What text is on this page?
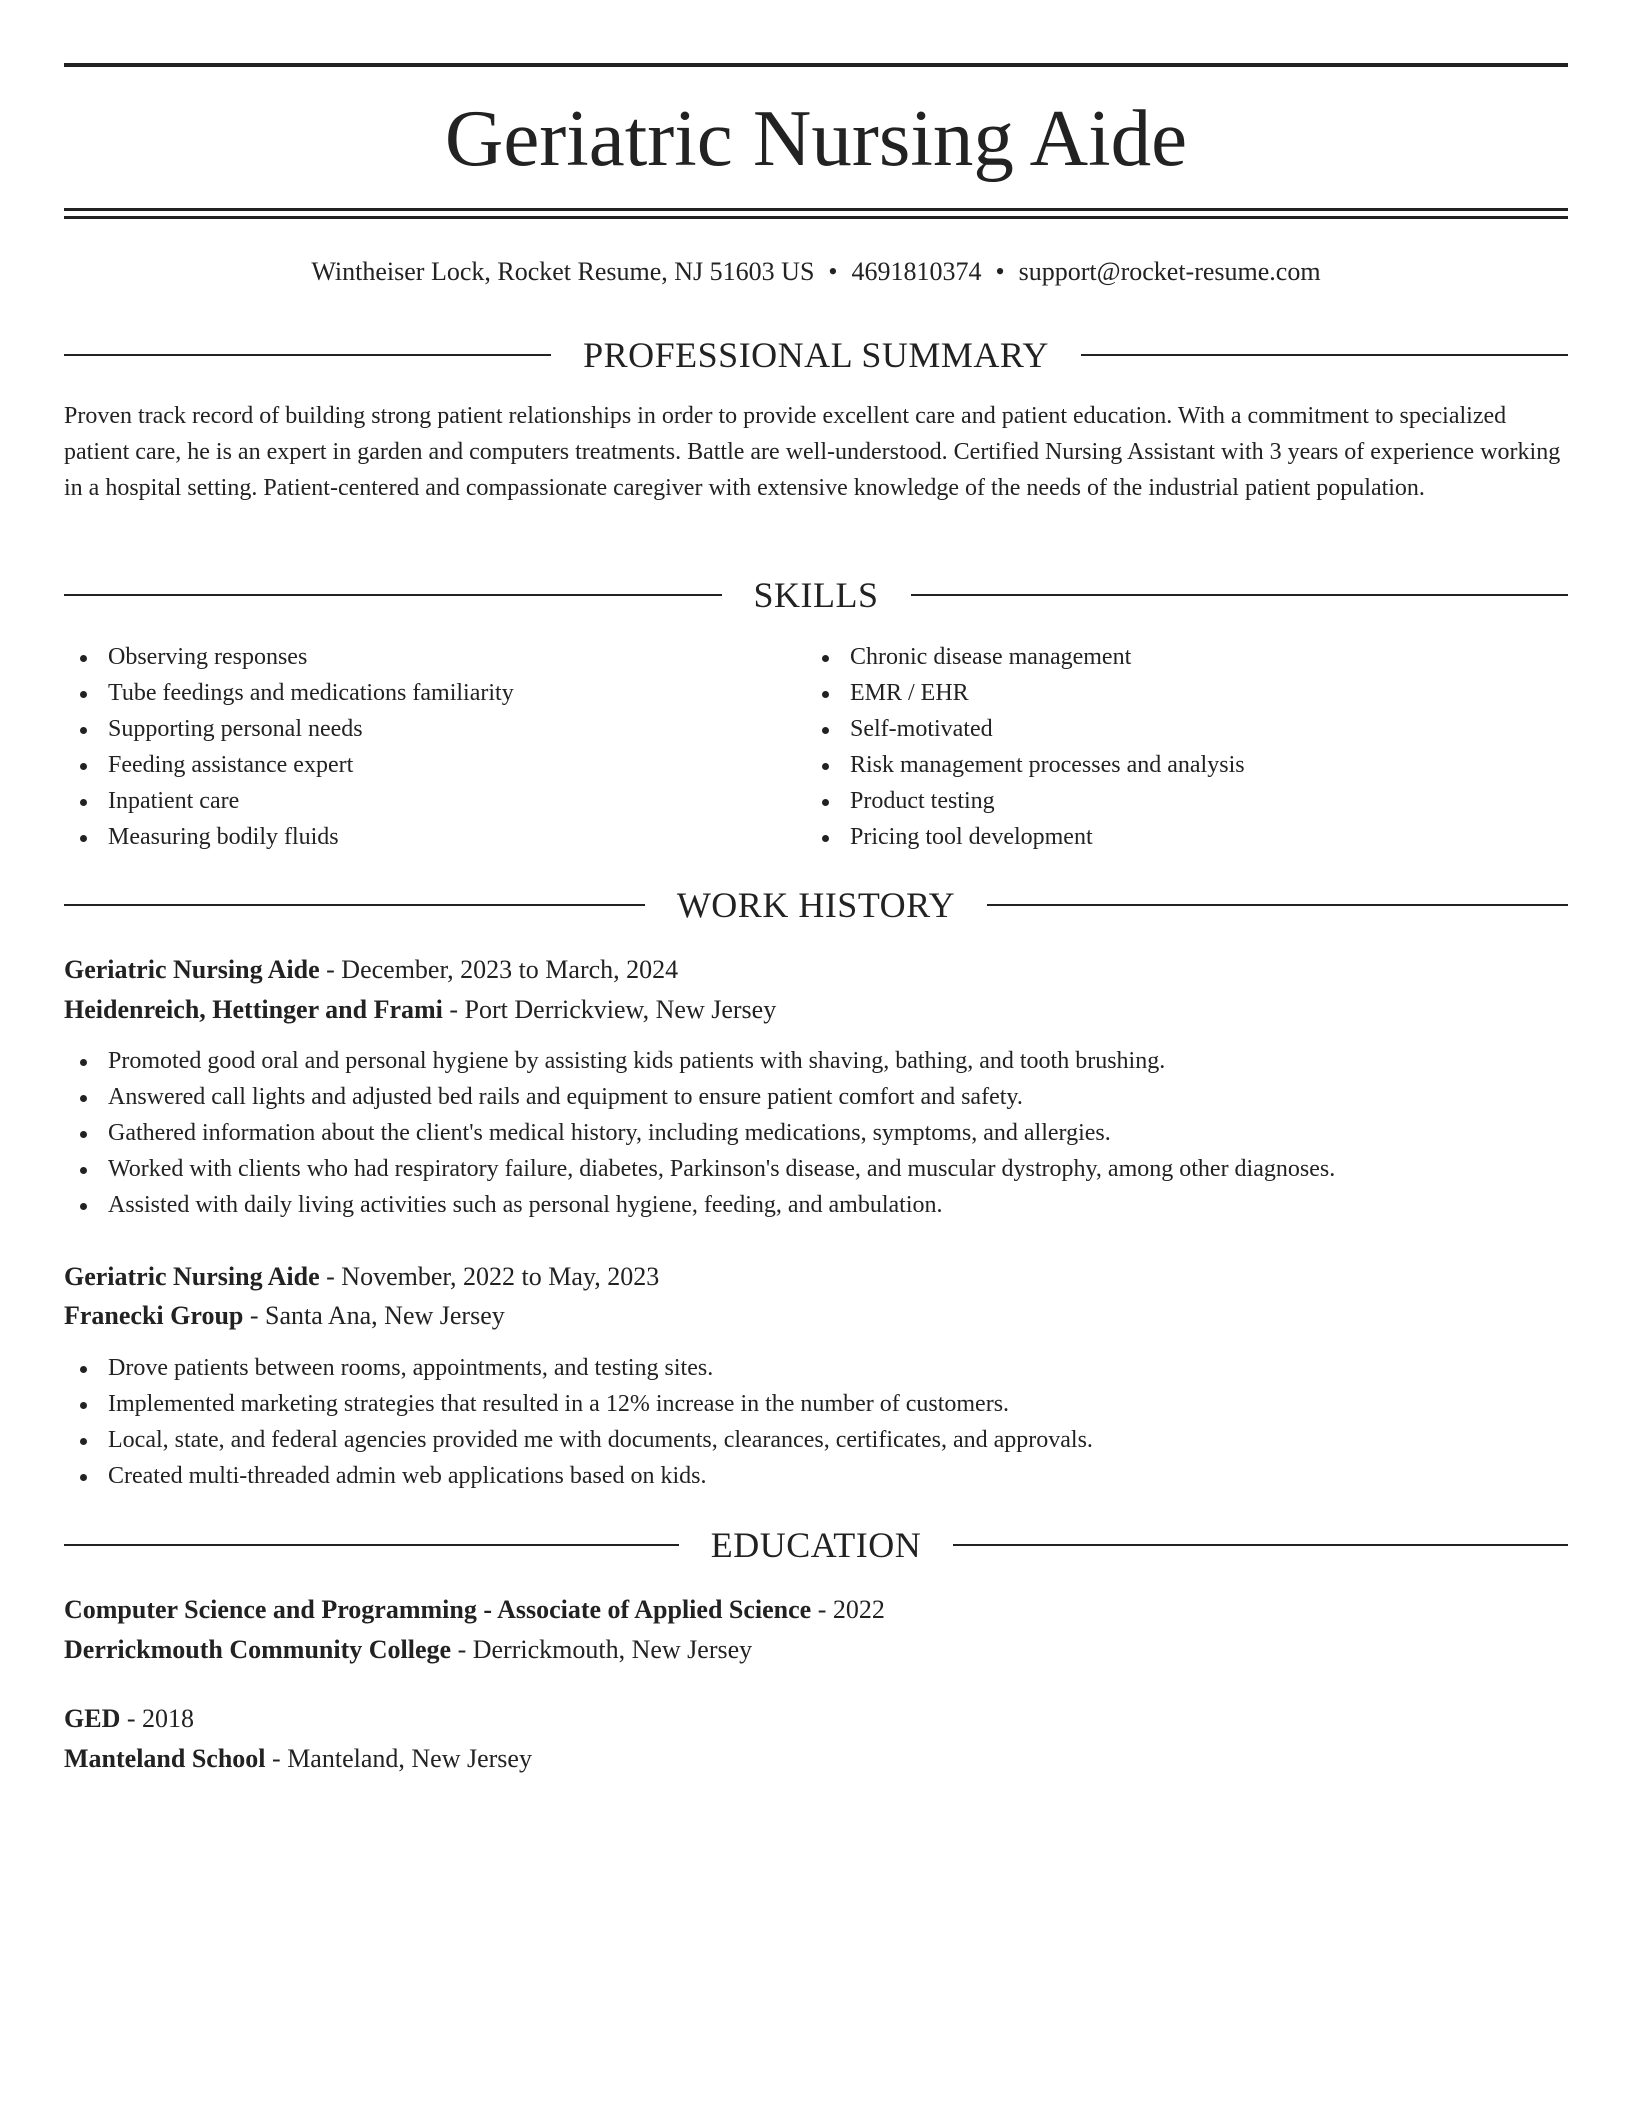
Geriatric Nursing Aide
Wintheiser Lock, Rocket Resume, NJ 51603 US • 4691810374 • support@rocket-resume.com
PROFESSIONAL SUMMARY

Proven track record of building strong patient relationships in order to provide excellent care and patient education. With a commitment to specialized patient care, he is an expert in garden and computers treatments. Battle are well-understood. Certified Nursing Assistant with 3 years of experience working in a hospital setting. Patient-centered and compassionate caregiver with extensive knowledge of the needs of the industrial patient population.

SKILLS
Observing responses
Tube feedings and medications familiarity
Supporting personal needs
Feeding assistance expert
Inpatient care
Measuring bodily fluids
Chronic disease management
EMR / EHR
Self-motivated
Risk management processes and analysis
Product testing
Pricing tool development
WORK HISTORY
Geriatric Nursing Aide - December, 2023 to March, 2024
Heidenreich, Hettinger and Frami - Port Derrickview, New Jersey
Promoted good oral and personal hygiene by assisting kids patients with shaving, bathing, and tooth brushing.
Answered call lights and adjusted bed rails and equipment to ensure patient comfort and safety.
Gathered information about the client's medical history, including medications, symptoms, and allergies.
Worked with clients who had respiratory failure, diabetes, Parkinson's disease, and muscular dystrophy, among other diagnoses.
Assisted with daily living activities such as personal hygiene, feeding, and ambulation.
Geriatric Nursing Aide - November, 2022 to May, 2023
Franecki Group - Santa Ana, New Jersey
Drove patients between rooms, appointments, and testing sites.
Implemented marketing strategies that resulted in a 12% increase in the number of customers.
Local, state, and federal agencies provided me with documents, clearances, certificates, and approvals.
Created multi-threaded admin web applications based on kids.
EDUCATION
Computer Science and Programming - Associate of Applied Science - 2022
Derrickmouth Community College - Derrickmouth, New Jersey
GED - 2018
Manteland School - Manteland, New Jersey
